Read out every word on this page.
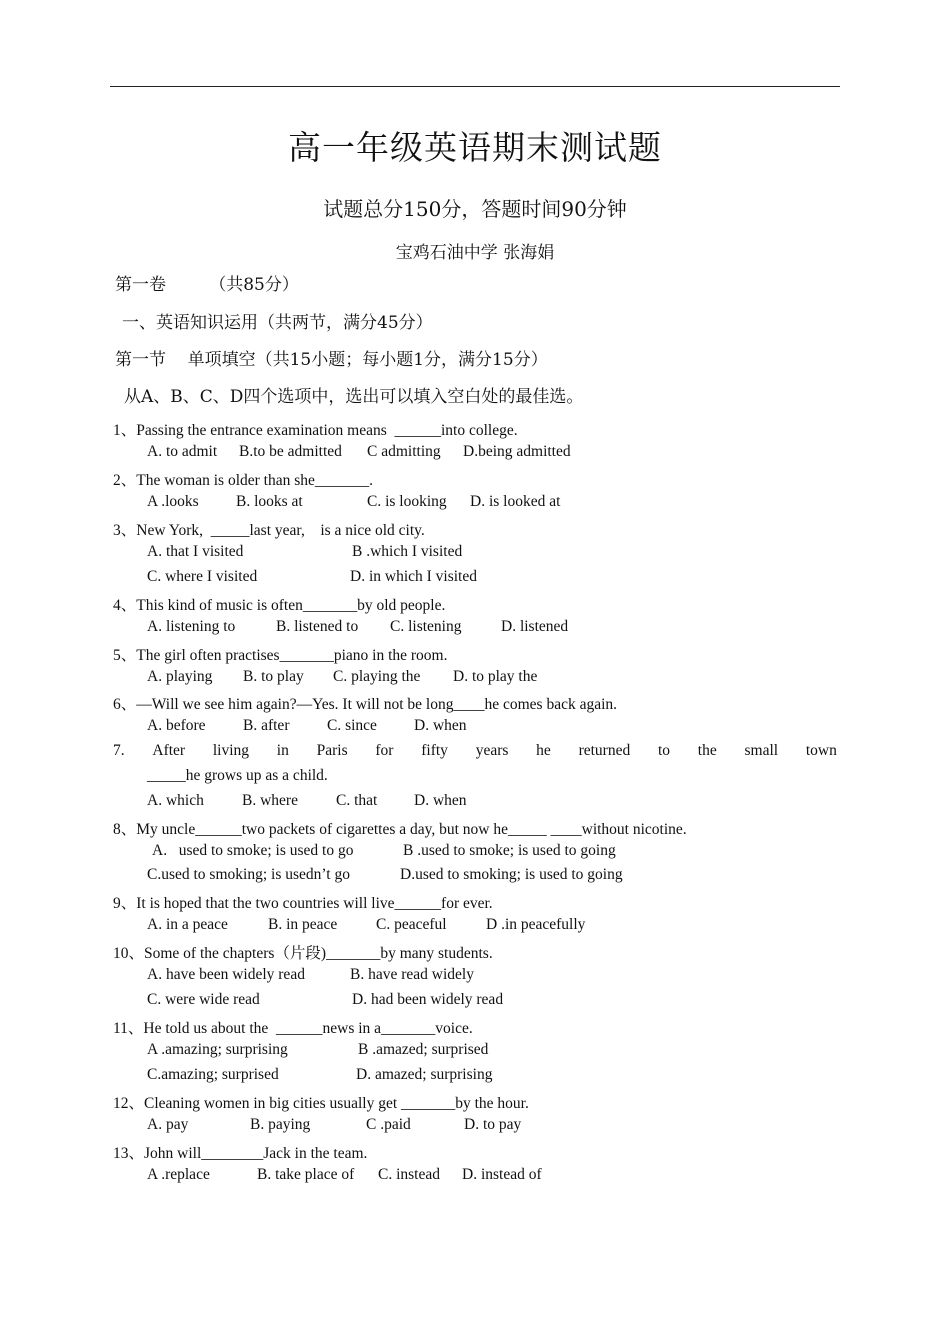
高一年级英语期末测试题
试题总分150分，答题时间90分钟
宝鸡石油中学 张海娟
第一卷        （共85分）
一、英语知识运用（共两节，满分45分）
第一节    单项填空（共15小题；每小题1分，满分15分）
从A、B、C、D四个选项中，选出可以填入空白处的最佳选。
1、Passing the entrance examination means  ______into college.
A. to admit B.to be admitted C admitting D.being admitted
2、The woman is older than she_______.
A .looks B. looks at	C. is looking D. is looked at
3、New York,  _____last year,    is a nice old city.
A. that I visited	B .which I visited
C. where I visited	D. in which I visited
4、This kind of music is often_______by old people.
A. listening to	B. listened to C. listening	D. listened
5、The girl often practises_______piano in the room.
A. playing B. to play C. playing the D. to play the
6、—Will we see him again?—Yes. It will not be long____he comes back again.
A. before B. after C. since D. when
7. After living in Paris for fifty years he returned to the small town
_____he grows up as a child.
A. which B. where C. that D. when
8、My uncle______two packets of cigarettes a day, but now he_____ ____without nicotine.
A.   used to smoke; is used to go	B .used to smoke; is used to going
C.used to smoking; is usedn’t go	D.used to smoking; is used to going
9、It is hoped that the two countries will live______for ever.
A. in a peace	B. in peace C. peaceful	D .in peacefully
10、Some of the chapters（片段)_______by many students.
A. have been widely read	B. have read widely
C. were wide read	D. had been widely read
11、He told us about the  ______news in a_______voice.
A .amazing; surprising	B .amazed; surprised
C.amazing; surprised	D. amazed; surprising
12、Cleaning women in big cities usually get _______by the hour.
A. pay	B. paying	C .paid	D. to pay
13、John will________Jack in the team.
A .replace	B. take place of C. instead D. instead of
